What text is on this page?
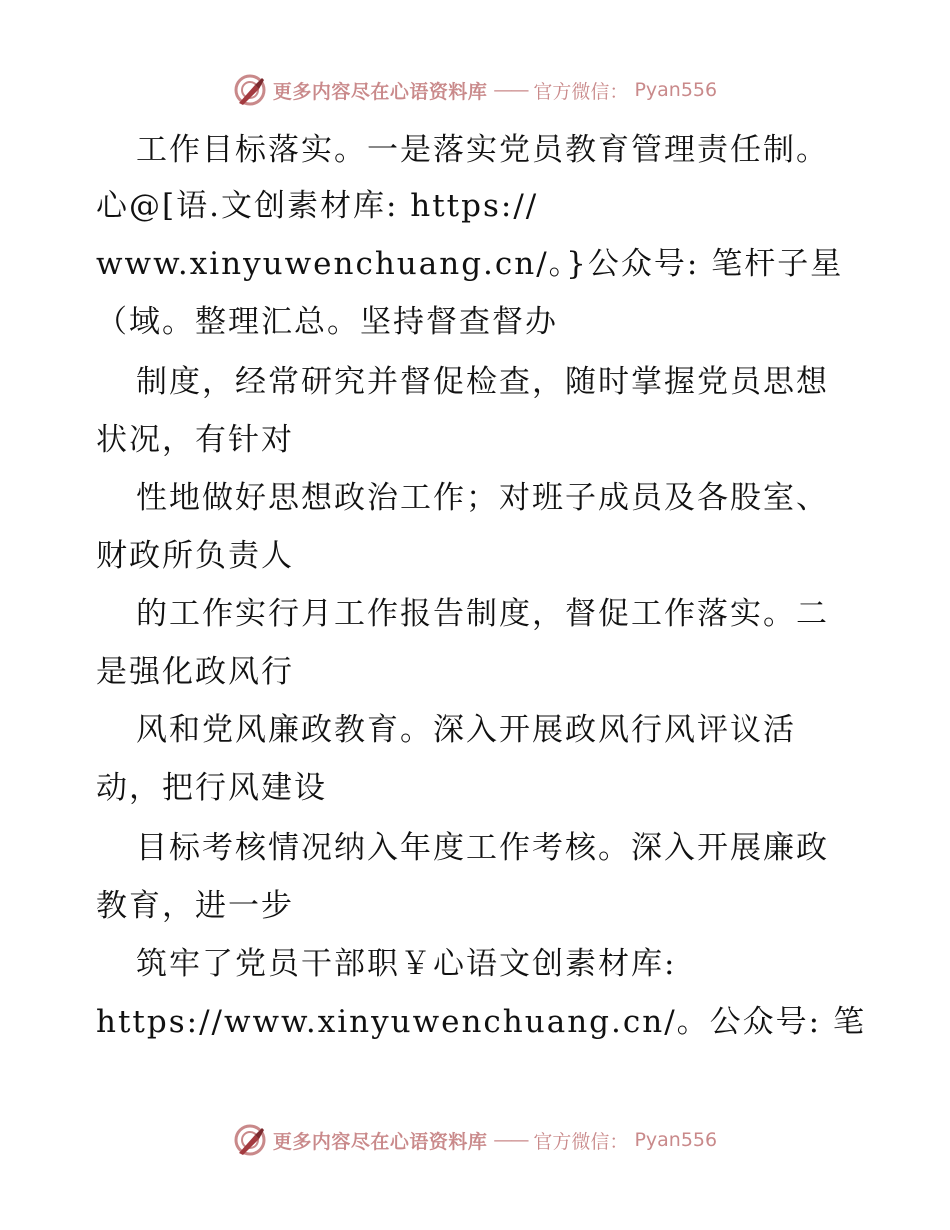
更多内容尽在心语资料库 —— 官方微信： Pyan556
工作目标落实。一是落实党员教育管理责任制。
心@[语.文创素材库: https://
www.xinyuwenchuang.cn/。}公众号: 笔杆子星
（域。整理汇总。坚持督查督办
制度，经常研究并督促检查，随时掌握党员思想
状况，有针对
性地做好思想政治工作；对班子成员及各股室、
财政所负责人
的工作实行月工作报告制度，督促工作落实。二
是强化政风行
风和党风廉政教育。深入开展政风行风评议活
动，把行风建设
目标考核情况纳入年度工作考核。深入开展廉政
教育，进一步
筑牢了党员干部职￥心语文创素材库:
https://www.xinyuwenchuang.cn/。公众号: 笔
更多内容尽在心语资料库 —— 官方微信： Pyan556
